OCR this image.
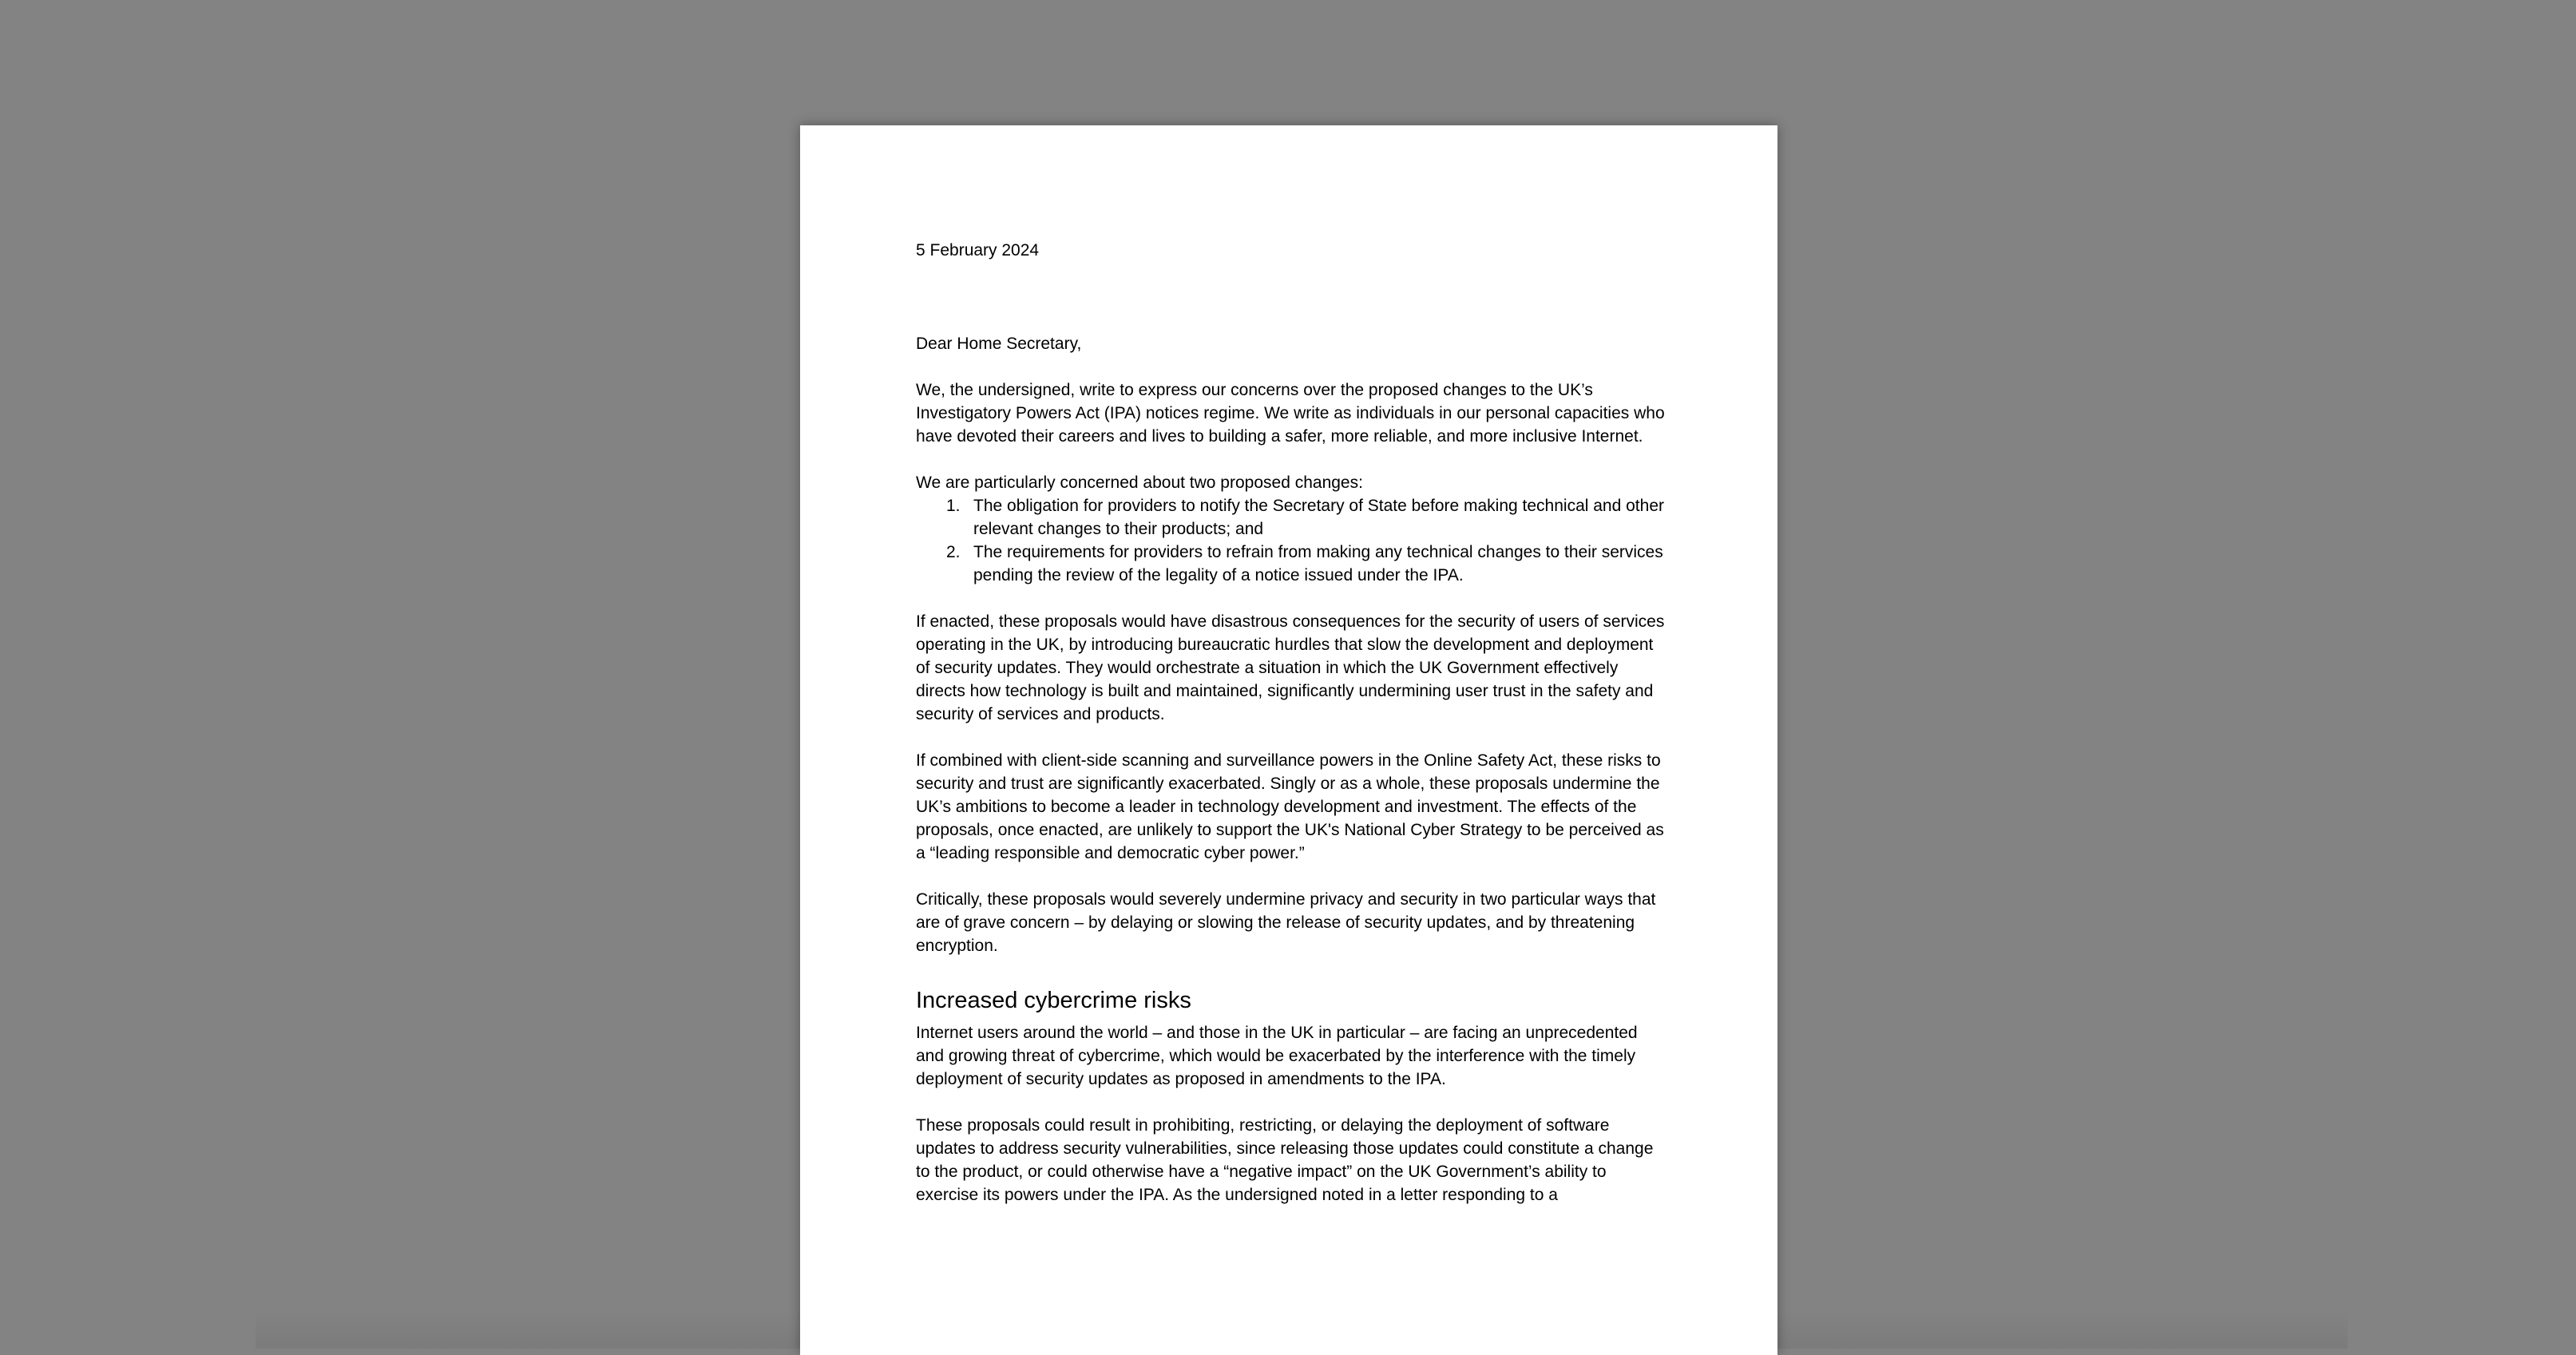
5 February 2024
Dear Home Secretary,

We, the undersigned, write to express our concerns over the proposed changes to the UK’s Investigatory Powers Act (IPA) notices regime. We write as individuals in our personal capacities who have devoted their careers and lives to building a safer, more reliable, and more inclusive Internet.

We are particularly concerned about two proposed changes:

1. The obligation for providers to notify the Secretary of State before making technical and other relevant changes to their products; and
2. The requirements for providers to refrain from making any technical changes to their services pending the review of the legality of a notice issued under the IPA.

If enacted, these proposals would have disastrous consequences for the security of users of services operating in the UK, by introducing bureaucratic hurdles that slow the development and deployment of security updates. They would orchestrate a situation in which the UK Government effectively directs how technology is built and maintained, significantly undermining user trust in the safety and security of services and products.

If combined with client-side scanning and surveillance powers in the Online Safety Act, these risks to security and trust are significantly exacerbated. Singly or as a whole, these proposals undermine the UK’s ambitions to become a leader in technology development and investment. The effects of the proposals, once enacted, are unlikely to support the UK's National Cyber Strategy to be perceived as a “leading responsible and democratic cyber power.”

Critically, these proposals would severely undermine privacy and security in two particular ways that are of grave concern – by delaying or slowing the release of security updates, and by threatening encryption.

Increased cybercrime risks

Internet users around the world – and those in the UK in particular – are facing an unprecedented and growing threat of cybercrime, which would be exacerbated by the interference with the timely deployment of security updates as proposed in amendments to the IPA.

These proposals could result in prohibiting, restricting, or delaying the deployment of software updates to address security vulnerabilities, since releasing those updates could constitute a change to the product, or could otherwise have a “negative impact” on the UK Government’s ability to exercise its powers under the IPA. As the undersigned noted in a letter responding to a
